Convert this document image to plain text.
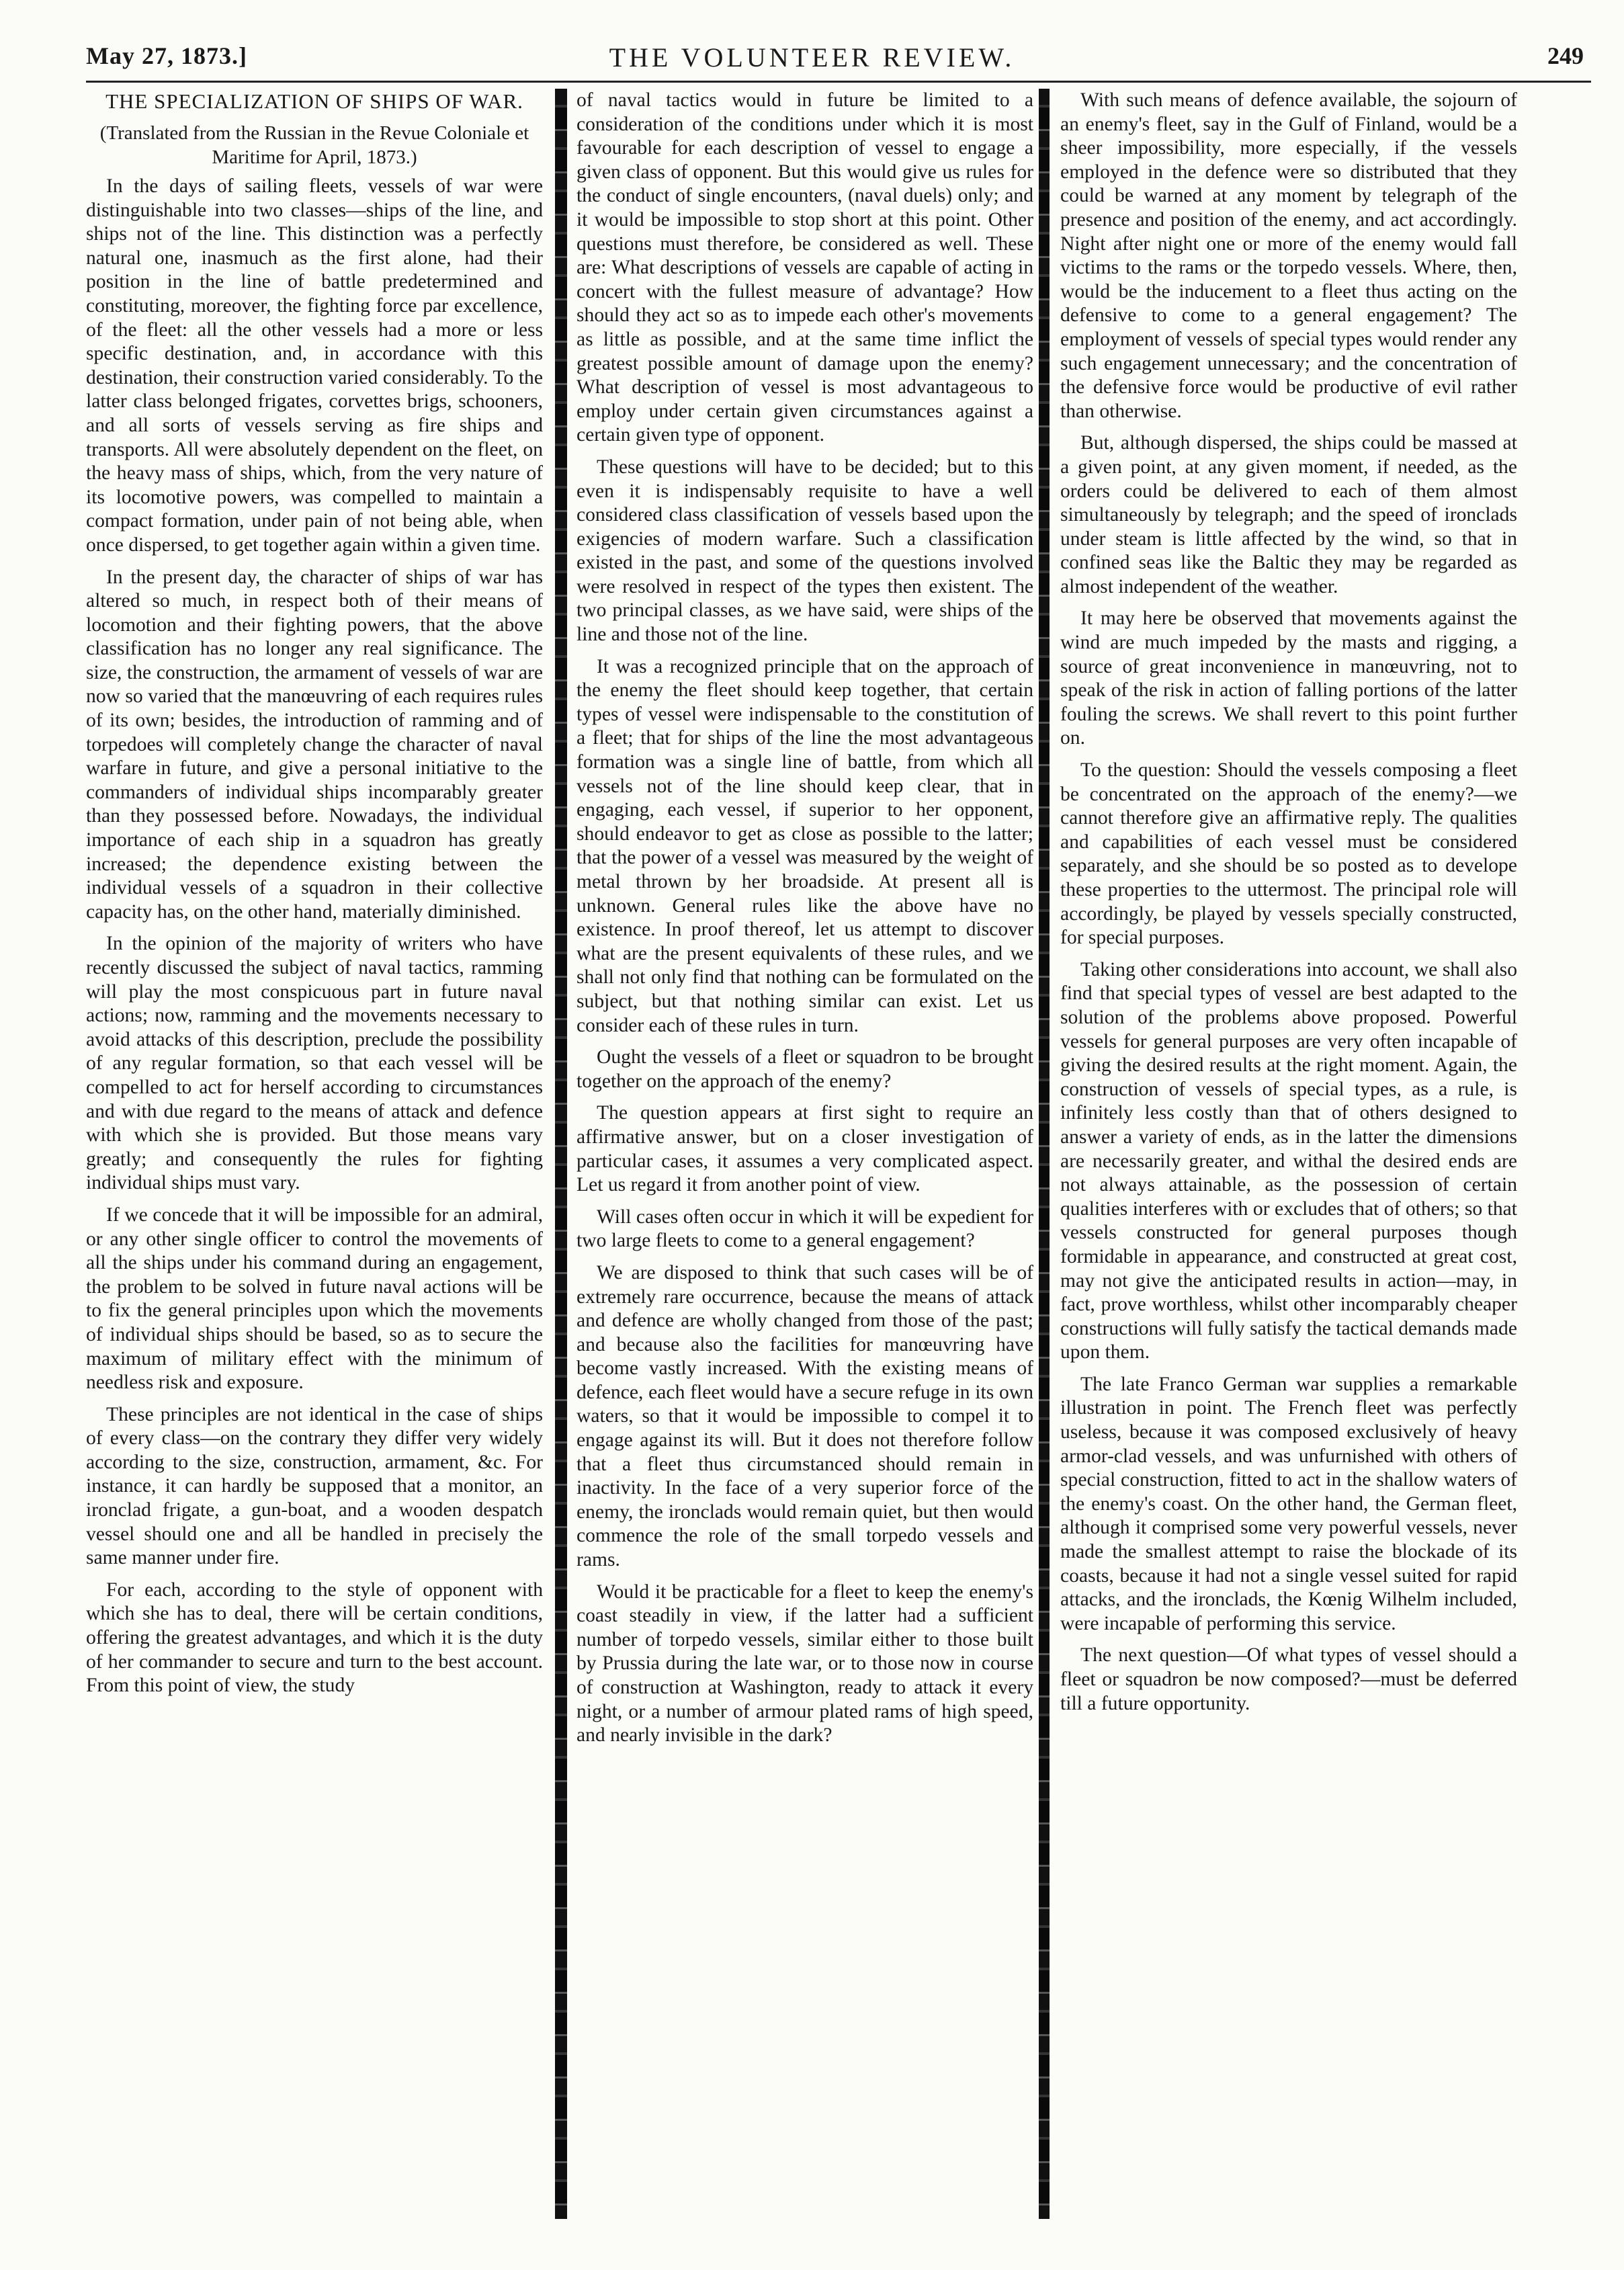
May 27, 1873.]	THE VOLUNTEER REVIEW.	249
THE SPECIALIZATION OF SHIPS OF WAR.
(Translated from the Russian in the Revue Coloniale et Maritime for April, 1873.)

In the days of sailing fleets, vessels of war were distinguishable into two classes—ships of the line, and ships not of the line. This distinction was a perfectly natural one, inasmuch as the first alone, had their position in the line of battle predetermined and constituting, moreover, the fighting force par excellence, of the fleet: all the other vessels had a more or less specific destination, and, in accordance with this destination, their construction varied considerably. To the latter class belonged frigates, corvettes brigs, schooners, and all sorts of vessels serving as fire ships and transports. All were absolutely dependent on the fleet, on the heavy mass of ships, which, from the very nature of its locomotive powers, was compelled to maintain a compact formation, under pain of not being able, when once dispersed, to get together again within a given time.

In the present day, the character of ships of war has altered so much, in respect both of their means of locomotion and their fighting powers, that the above classification has no longer any real significance. The size, the construction, the armament of vessels of war are now so varied that the manœuvring of each requires rules of its own; besides, the introduction of ramming and of torpedoes will completely change the character of naval warfare in future, and give a personal initiative to the commanders of individual ships incomparably greater than they possessed before. Nowadays, the individual importance of each ship in a squadron has greatly increased; the dependence existing between the individual vessels of a squadron in their collective capacity has, on the other hand, materially diminished.

In the opinion of the majority of writers who have recently discussed the subject of naval tactics, ramming will play the most conspicuous part in future naval actions; now, ramming and the movements necessary to avoid attacks of this description, preclude the possibility of any regular formation, so that each vessel will be compelled to act for herself according to circumstances and with due regard to the means of attack and defence with which she is provided. But those means vary greatly; and consequently the rules for fighting individual ships must vary.

If we concede that it will be impossible for an admiral, or any other single officer to control the movements of all the ships under his command during an engagement, the problem to be solved in future naval actions will be to fix the general principles upon which the movements of individual ships should be based, so as to secure the maximum of military effect with the minimum of needless risk and exposure.

These principles are not identical in the case of ships of every class—on the contrary they differ very widely according to the size, construction, armament, &c. For instance, it can hardly be supposed that a monitor, an ironclad frigate, a gun-boat, and a wooden despatch vessel should one and all be handled in precisely the same manner under fire.

For each, according to the style of opponent with which she has to deal, there will be certain conditions, offering the greatest advantages, and which it is the duty of her commander to secure and turn to the best account. From this point of view, the study

of naval tactics would in future be limited to a consideration of the conditions under which it is most favourable for each description of vessel to engage a given class of opponent. But this would give us rules for the conduct of single encounters, (naval duels) only; and it would be impossible to stop short at this point. Other questions must therefore, be considered as well. These are: What descriptions of vessels are capable of acting in concert with the fullest measure of advantage? How should they act so as to impede each other's movements as little as possible, and at the same time inflict the greatest possible amount of damage upon the enemy? What description of vessel is most advantageous to employ under certain given circumstances against a certain given type of opponent.

These questions will have to be decided; but to this even it is indispensably requisite to have a well considered class classification of vessels based upon the exigencies of modern warfare. Such a classification existed in the past, and some of the questions involved were resolved in respect of the types then existent. The two principal classes, as we have said, were ships of the line and those not of the line.

It was a recognized principle that on the approach of the enemy the fleet should keep together, that certain types of vessel were indispensable to the constitution of a fleet; that for ships of the line the most advantageous formation was a single line of battle, from which all vessels not of the line should keep clear, that in engaging, each vessel, if superior to her opponent, should endeavor to get as close as possible to the latter; that the power of a vessel was measured by the weight of metal thrown by her broadside. At present all is unknown. General rules like the above have no existence. In proof thereof, let us attempt to discover what are the present equivalents of these rules, and we shall not only find that nothing can be formulated on the subject, but that nothing similar can exist. Let us consider each of these rules in turn.

Ought the vessels of a fleet or squadron to be brought together on the approach of the enemy?

The question appears at first sight to require an affirmative answer, but on a closer investigation of particular cases, it assumes a very complicated aspect. Let us regard it from another point of view.

Will cases often occur in which it will be expedient for two large fleets to come to a general engagement?

We are disposed to think that such cases will be of extremely rare occurrence, because the means of attack and defence are wholly changed from those of the past; and because also the facilities for manœuvring have become vastly increased. With the existing means of defence, each fleet would have a secure refuge in its own waters, so that it would be impossible to compel it to engage against its will. But it does not therefore follow that a fleet thus circumstanced should remain in inactivity. In the face of a very superior force of the enemy, the ironclads would remain quiet, but then would commence the role of the small torpedo vessels and rams.

Would it be practicable for a fleet to keep the enemy's coast steadily in view, if the latter had a sufficient number of torpedo vessels, similar either to those built by Prussia during the late war, or to those now in course of construction at Washington, ready to attack it every night, or a number of armour plated rams of high speed, and nearly invisible in the dark?

With such means of defence available, the sojourn of an enemy's fleet, say in the Gulf of Finland, would be a sheer impossibility, more especially, if the vessels employed in the defence were so distributed that they could be warned at any moment by telegraph of the presence and position of the enemy, and act accordingly. Night after night one or more of the enemy would fall victims to the rams or the torpedo vessels. Where, then, would be the inducement to a fleet thus acting on the defensive to come to a general engagement? The employment of vessels of special types would render any such engagement unnecessary; and the concentration of the defensive force would be productive of evil rather than otherwise.

But, although dispersed, the ships could be massed at a given point, at any given moment, if needed, as the orders could be delivered to each of them almost simultaneously by telegraph; and the speed of ironclads under steam is little affected by the wind, so that in confined seas like the Baltic they may be regarded as almost independent of the weather.

It may here be observed that movements against the wind are much impeded by the masts and rigging, a source of great inconvenience in manœuvring, not to speak of the risk in action of falling portions of the latter fouling the screws. We shall revert to this point further on.

To the question: Should the vessels composing a fleet be concentrated on the approach of the enemy?—we cannot therefore give an affirmative reply. The qualities and capabilities of each vessel must be considered separately, and she should be so posted as to develope these properties to the uttermost. The principal role will accordingly, be played by vessels specially constructed, for special purposes.

Taking other considerations into account, we shall also find that special types of vessel are best adapted to the solution of the problems above proposed. Powerful vessels for general purposes are very often incapable of giving the desired results at the right moment. Again, the construction of vessels of special types, as a rule, is infinitely less costly than that of others designed to answer a variety of ends, as in the latter the dimensions are necessarily greater, and withal the desired ends are not always attainable, as the possession of certain qualities interferes with or excludes that of others; so that vessels constructed for general purposes though formidable in appearance, and constructed at great cost, may not give the anticipated results in action—may, in fact, prove worthless, whilst other incomparably cheaper constructions will fully satisfy the tactical demands made upon them.

The late Franco German war supplies a remarkable illustration in point. The French fleet was perfectly useless, because it was composed exclusively of heavy armor-clad vessels, and was unfurnished with others of special construction, fitted to act in the shallow waters of the enemy's coast. On the other hand, the German fleet, although it comprised some very powerful vessels, never made the smallest attempt to raise the blockade of its coasts, because it had not a single vessel suited for rapid attacks, and the ironclads, the Kœnig Wilhelm included, were incapable of performing this service.

The next question—Of what types of vessel should a fleet or squadron be now composed?—must be deferred till a future opportunity.
